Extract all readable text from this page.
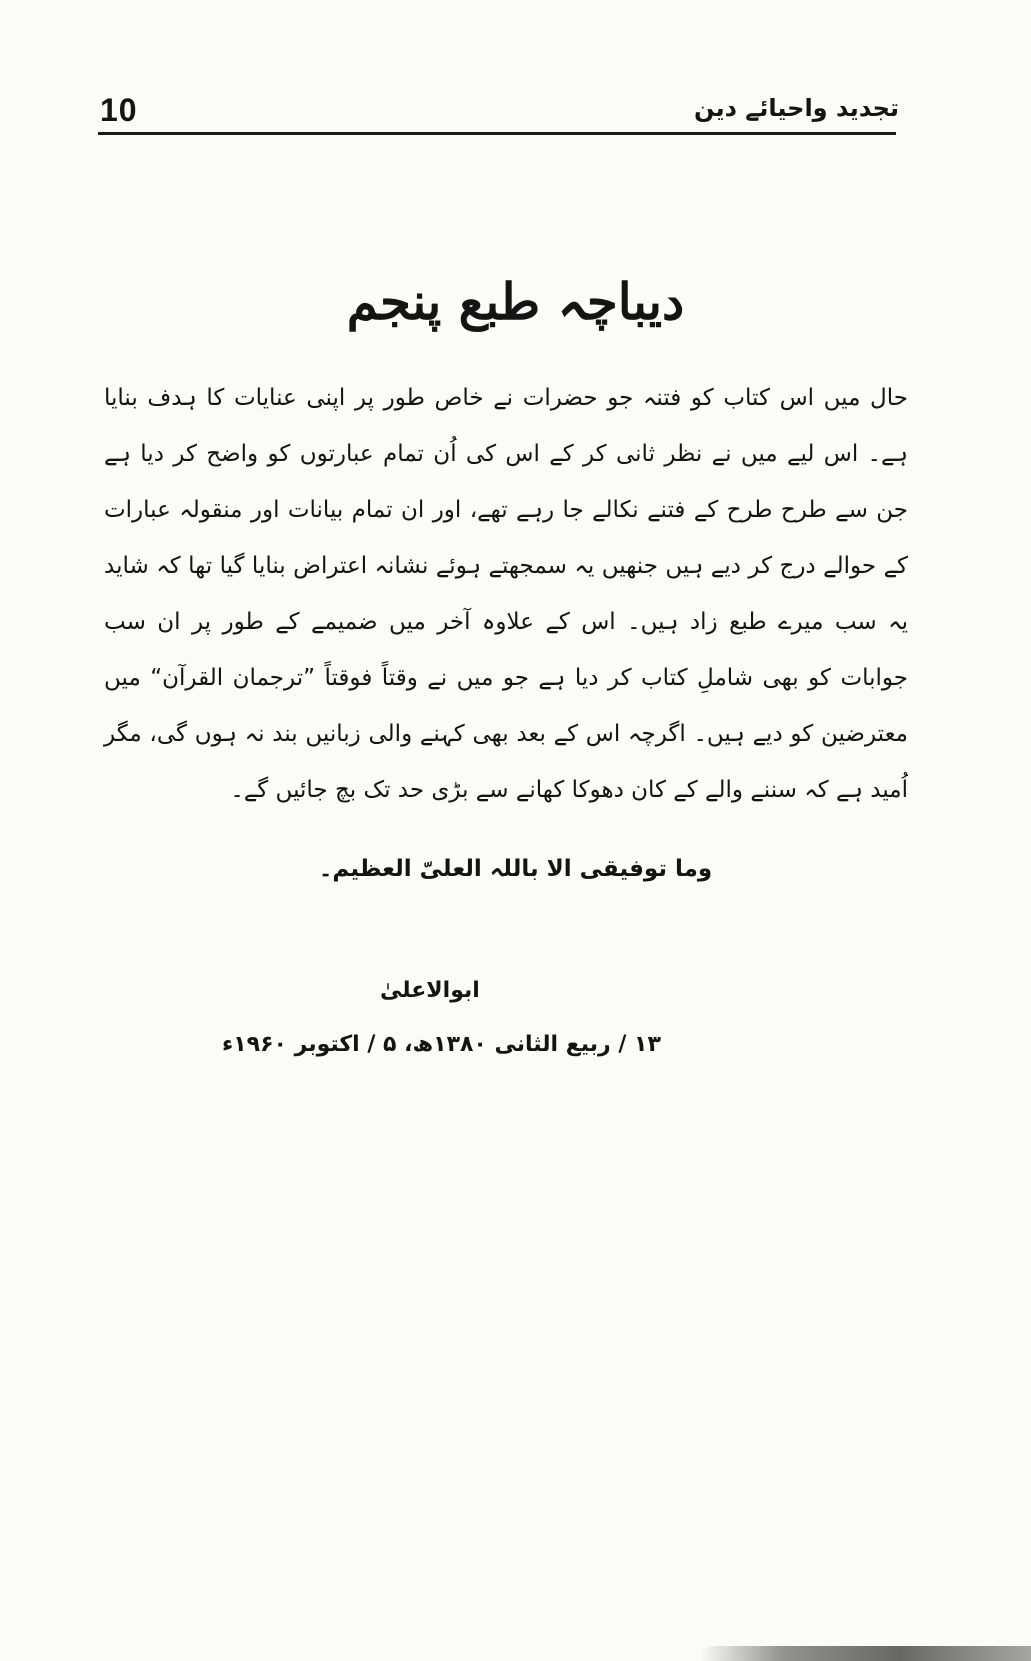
10	تجدید واحیائے دین
دیباچہ طبع پنجم

حال میں اس کتاب کو فتنہ جو حضرات نے خاص طور پر اپنی عنایات کا ہدف بنایا ہے۔ اس لیے میں نے نظر ثانی کر کے اس کی اُن تمام عبارتوں کو واضح کر دیا ہے جن سے طرح طرح کے فتنے نکالے جا رہے تھے، اور ان تمام بیانات اور منقولہ عبارات کے حوالے درج کر دیے ہیں جنھیں یہ سمجھتے ہوئے نشانہ اعتراض بنایا گیا تھا کہ شاید یہ سب میرے طبع زاد ہیں۔ اس کے علاوہ آخر میں ضمیمے کے طور پر ان سب جوابات کو بھی شاملِ کتاب کر دیا ہے جو میں نے وقتاً فوقتاً ”ترجمان القرآن“ میں معترضین کو دیے ہیں۔ اگرچہ اس کے بعد بھی کہنے والی زبانیں بند نہ ہوں گی، مگر اُمید ہے کہ سننے والے کے کان دھوکا کھانے سے بڑی حد تک بچ جائیں گے۔

وما توفیقی الا باللہ العلیّ العظیم۔
ابوالاعلیٰ
۱۳ / ربیع الثانی ۱۳۸۰ھ، ۵ / اکتوبر ۱۹۶۰ء
